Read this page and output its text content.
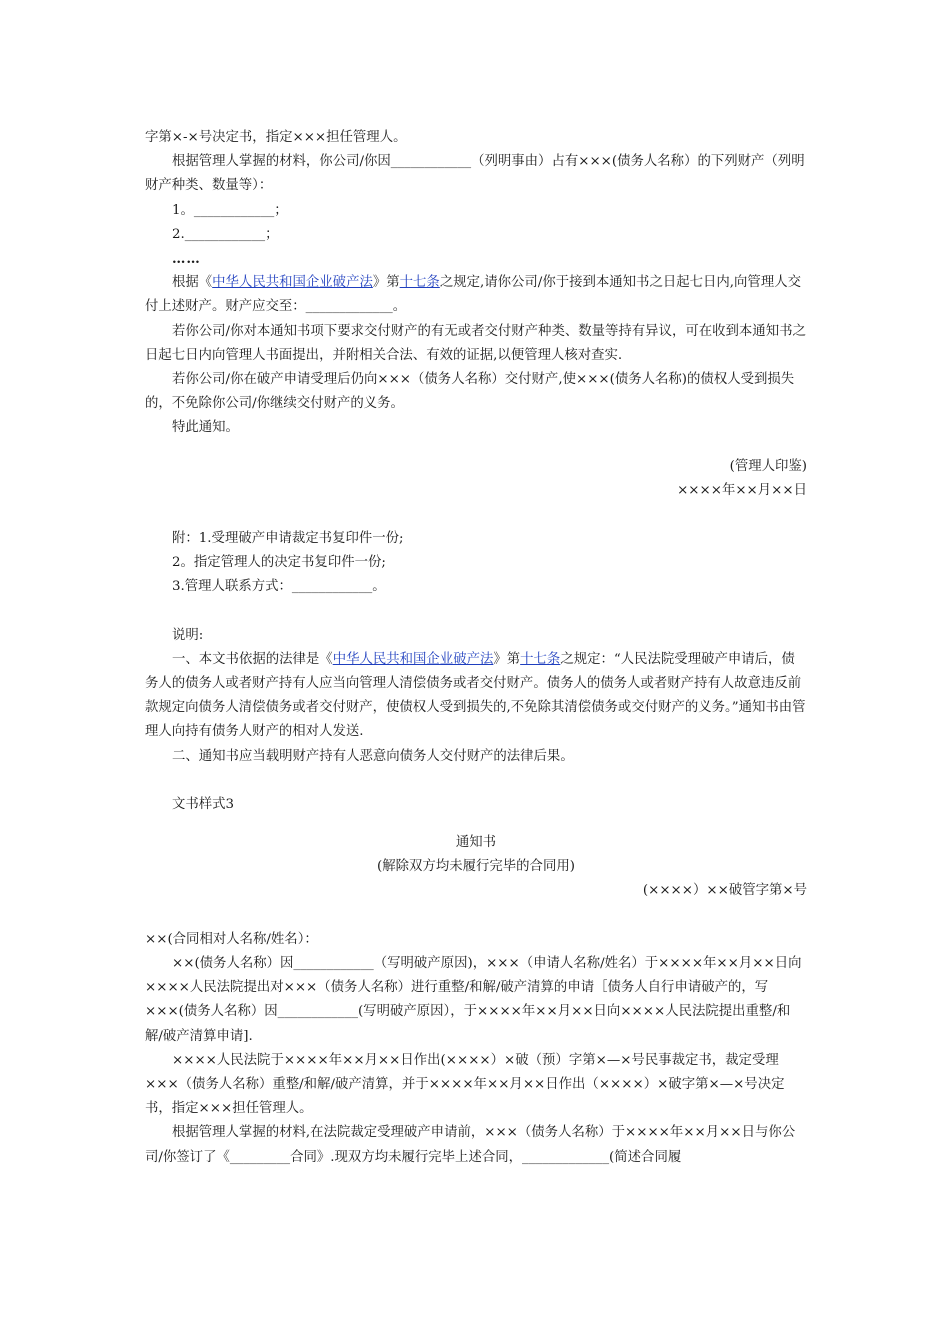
字第×-×号决定书，指定×××担任管理人。

根据管理人掌握的材料，你公司/你因____________（列明事由）占有×××(债务人名称）的下列财产（列明财产种类、数量等）：

1。____________；

2.____________；

……

根据《中华人民共和国企业破产法》第十七条之规定,请你公司/你于接到本通知书之日起七日内,向管理人交付上述财产。财产应交至：_____________。

若你公司/你对本通知书项下要求交付财产的有无或者交付财产种类、数量等持有异议，可在收到本通知书之日起七日内向管理人书面提出，并附相关合法、有效的证据,以便管理人核对查实.

若你公司/你在破产申请受理后仍向×××（债务人名称）交付财产,使×××(债务人名称)的债权人受到损失的，不免除你公司/你继续交付财产的义务。

特此通知。

(管理人印鉴)

××××年××月××日

附：1.受理破产申请裁定书复印件一份;

2。指定管理人的决定书复印件一份;

3.管理人联系方式：____________。

说明:

一、本文书依据的法律是《中华人民共和国企业破产法》第十七条之规定：“人民法院受理破产申请后，债务人的债务人或者财产持有人应当向管理人清偿债务或者交付财产。债务人的债务人或者财产持有人故意违反前款规定向债务人清偿债务或者交付财产，使债权人受到损失的,不免除其清偿债务或交付财产的义务。”通知书由管理人向持有债务人财产的相对人发送.

二、通知书应当载明财产持有人恶意向债务人交付财产的法律后果。

文书样式3

通知书

(解除双方均未履行完毕的合同用)

(××××）××破管字第×号

××(合同相对人名称/姓名）：

××(债务人名称）因____________（写明破产原因)，×××（申请人名称/姓名）于××××年××月××日向××××人民法院提出对×××（债务人名称）进行重整/和解/破产清算的申请［债务人自行申请破产的，写×××(债务人名称）因____________(写明破产原因），于××××年××月××日向××××人民法院提出重整/和解/破产清算申请].

××××人民法院于××××年××月××日作出(××××）×破（预）字第×—×号民事裁定书，裁定受理×××（债务人名称）重整/和解/破产清算，并于××××年××月××日作出（××××）×破字第×—×号决定书，指定×××担任管理人。

根据管理人掌握的材料,在法院裁定受理破产申请前，×××（债务人名称）于××××年××月××日与你公司/你签订了《_________合同》.现双方均未履行完毕上述合同，_____________(简述合同履
